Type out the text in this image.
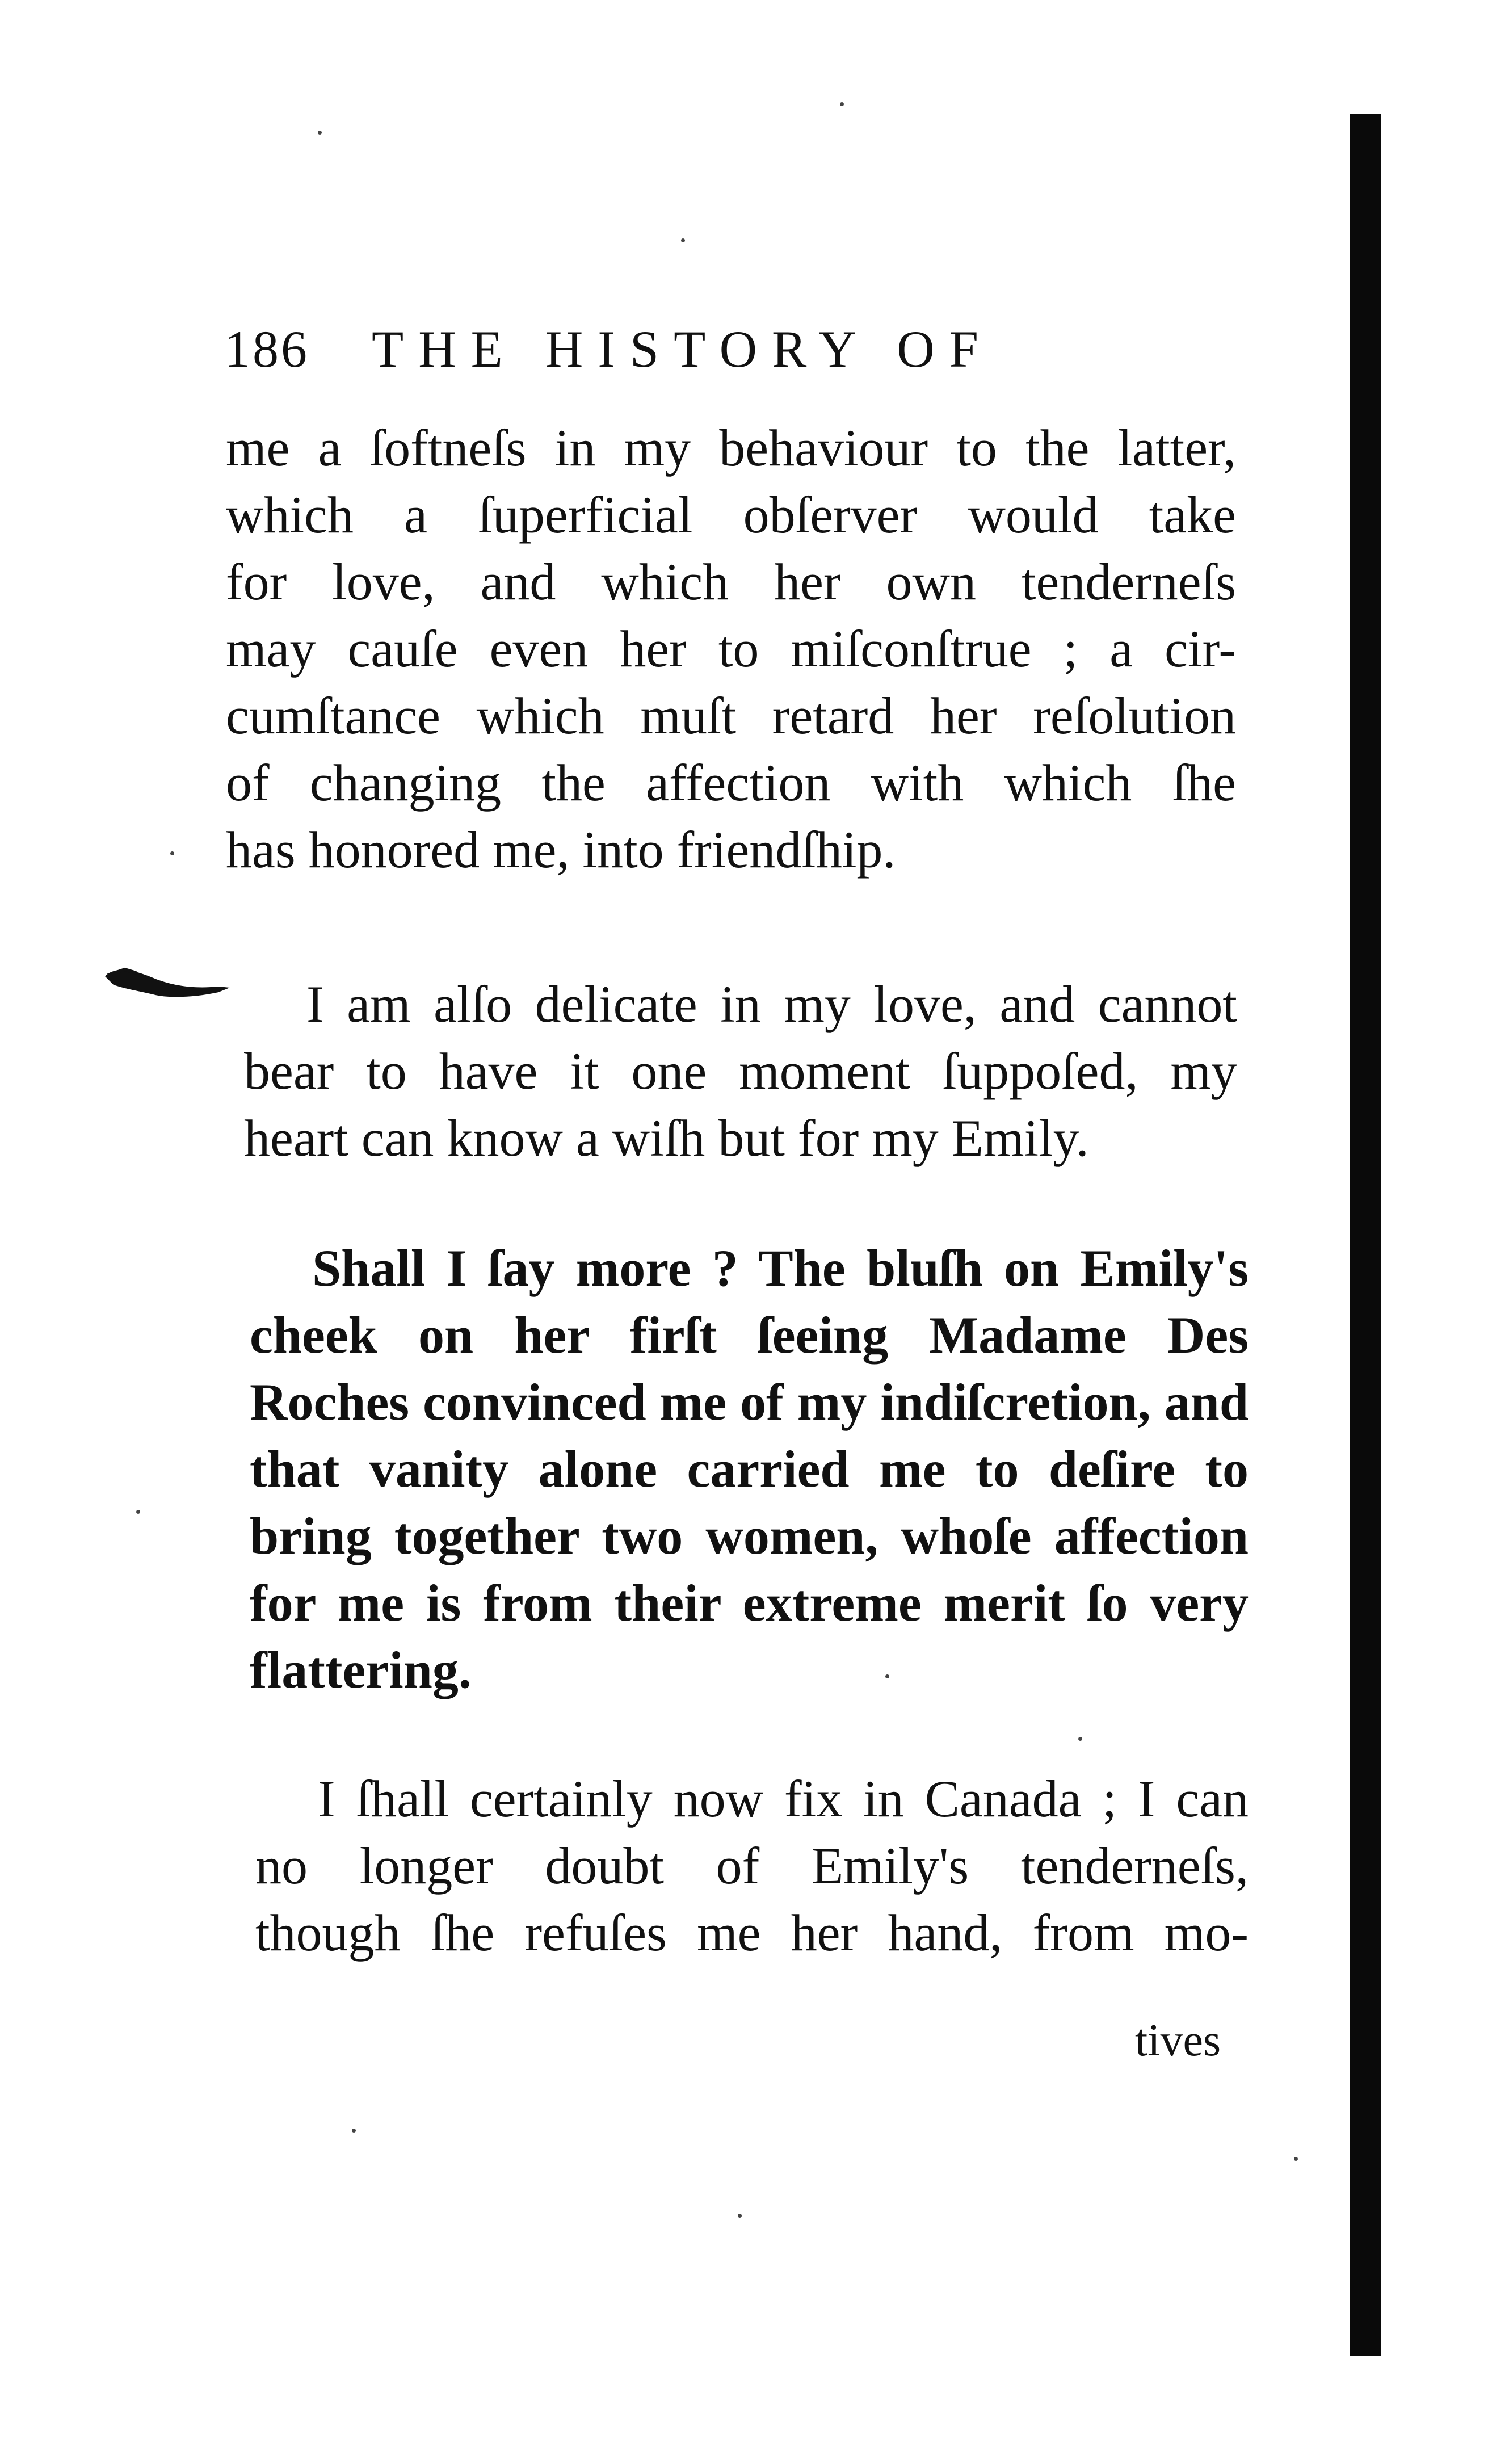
186 THE HISTORY OF
me a ſoftneſs in my behaviour to the latter,
which a ſuperficial obſerver would take
for love, and which her own tenderneſs
may cauſe even her to miſconſtrue ; a cir-
cumſtance which muſt retard her reſolution
of changing the affection with which ſhe
has honored me, into friendſhip.
I am alſo delicate in my love, and cannot
bear to have it one moment ſuppoſed, my
heart can know a wiſh but for my Emily.
Shall I ſay more ? The bluſh on Emily's
cheek on her firſt ſeeing Madame Des
Roches convinced me of my indiſcretion, and
that vanity alone carried me to deſire to
bring together two women, whoſe affection
for me is from their extreme merit ſo very
flattering.
I ſhall certainly now fix in Canada ; I can
no longer doubt of Emily's tenderneſs,
though ſhe refuſes me her hand, from mo-
tives
